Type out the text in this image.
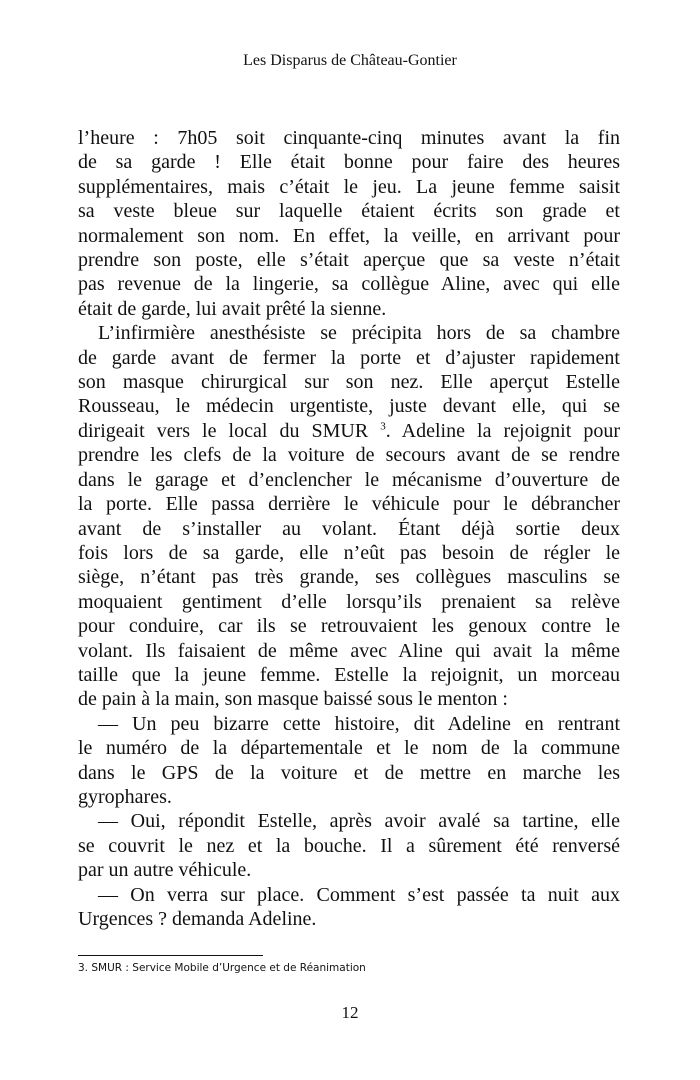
Les Disparus de Château-Gontier
l’heure : 7h05 soit cinquante-cinq minutes avant la fin
de sa garde ! Elle était bonne pour faire des heures
supplémentaires, mais c’était le jeu. La jeune femme saisit
sa veste bleue sur laquelle étaient écrits son grade et
normalement son nom. En effet, la veille, en arrivant pour
prendre son poste, elle s’était aperçue que sa veste n’était
pas revenue de la lingerie, sa collègue Aline, avec qui elle
était de garde, lui avait prêté la sienne.
L’infirmière anesthésiste se précipita hors de sa chambre
de garde avant de fermer la porte et d’ajuster rapidement
son masque chirurgical sur son nez. Elle aperçut Estelle
Rousseau, le médecin urgentiste, juste devant elle, qui se
dirigeait vers le local du SMUR $^3$. Adeline la rejoignit pour
prendre les clefs de la voiture de secours avant de se rendre
dans le garage et d’enclencher le mécanisme d’ouverture de
la porte. Elle passa derrière le véhicule pour le débrancher
avant de s’installer au volant. Étant déjà sortie deux
fois lors de sa garde, elle n’eût pas besoin de régler le
siège, n’étant pas très grande, ses collègues masculins se
moquaient gentiment d’elle lorsqu’ils prenaient sa relève
pour conduire, car ils se retrouvaient les genoux contre le
volant. Ils faisaient de même avec Aline qui avait la même
taille que la jeune femme. Estelle la rejoignit, un morceau
de pain à la main, son masque baissé sous le menton :
— Un peu bizarre cette histoire, dit Adeline en rentrant
le numéro de la départementale et le nom de la commune
dans le GPS de la voiture et de mettre en marche les
gyrophares.
— Oui, répondit Estelle, après avoir avalé sa tartine, elle
se couvrit le nez et la bouche. Il a sûrement été renversé
par un autre véhicule.
— On verra sur place. Comment s’est passée ta nuit aux
Urgences ? demanda Adeline.
3. SMUR : Service Mobile d’Urgence et de Réanimation
12
